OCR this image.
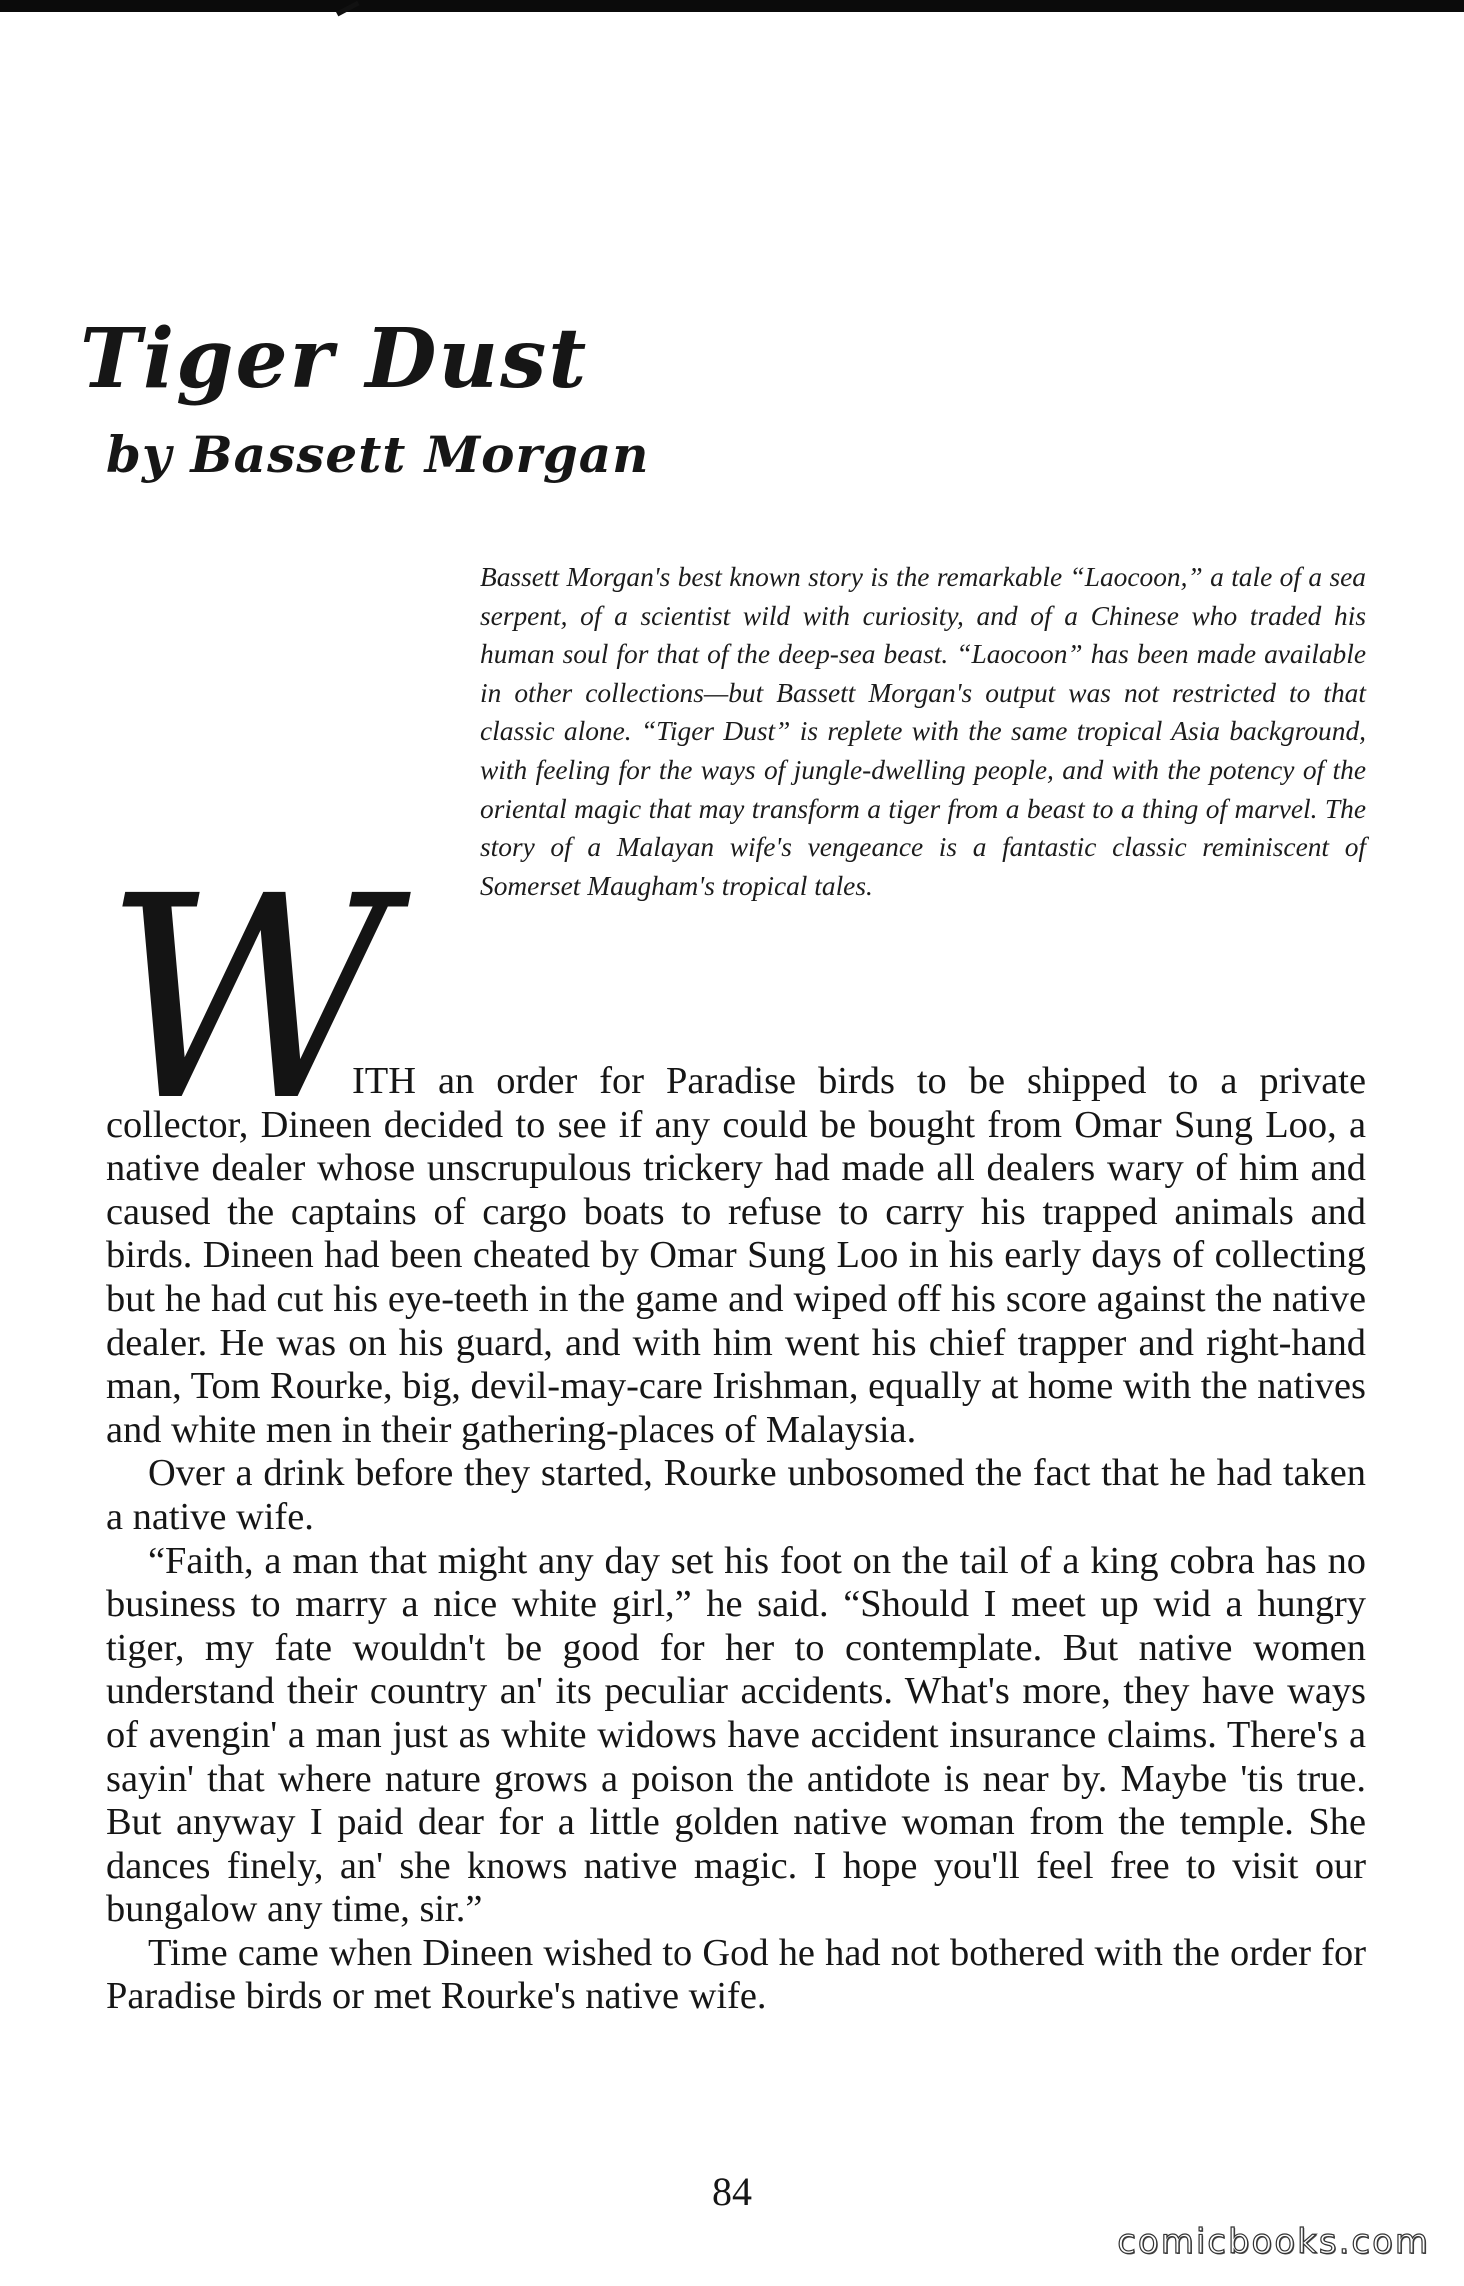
Tiger Dust
by Bassett Morgan

Bassett Morgan's best known story is the remarkable “Laocoon,” a tale of a sea serpent, of a scientist wild with curiosity, and of a Chinese who traded his human soul for that of the deep-sea beast. “Laocoon” has been made available in other collections—but Bassett Morgan's output was not restricted to that classic alone. “Tiger Dust” is replete with the same tropical Asia background, with feeling for the ways of jungle-dwelling people, and with the potency of the oriental magic that may transform a tiger from a beast to a thing of marvel. The story of a Malayan wife's vengeance is a fantastic classic reminiscent of Somerset Maugham's tropical tales.

W

ITH an order for Paradise birds to be shipped to a private collector, Dineen decided to see if any could be bought from Omar Sung Loo, a native dealer whose unscrupulous trickery had made all dealers wary of him and caused the captains of cargo boats to refuse to carry his trapped animals and birds. Dineen had been cheated by Omar Sung Loo in his early days of collecting but he had cut his eye-teeth in the game and wiped off his score against the native dealer. He was on his guard, and with him went his chief trapper and right-hand man, Tom Rourke, big, devil-may-care Irishman, equally at home with the natives and white men in their gathering-places of Malaysia.

Over a drink before they started, Rourke unbosomed the fact that he had taken a native wife.

“Faith, a man that might any day set his foot on the tail of a king cobra has no business to marry a nice white girl,” he said. “Should I meet up wid a hungry tiger, my fate wouldn't be good for her to contemplate. But native women understand their country an' its peculiar accidents. What's more, they have ways of avengin' a man just as white widows have accident insurance claims. There's a sayin' that where nature grows a poison the antidote is near by. Maybe 'tis true. But anyway I paid dear for a little golden native woman from the temple. She dances finely, an' she knows native magic. I hope you'll feel free to visit our bungalow any time, sir.”

Time came when Dineen wished to God he had not bothered with the order for Paradise birds or met Rourke's native wife.

84

comicbooks.com
